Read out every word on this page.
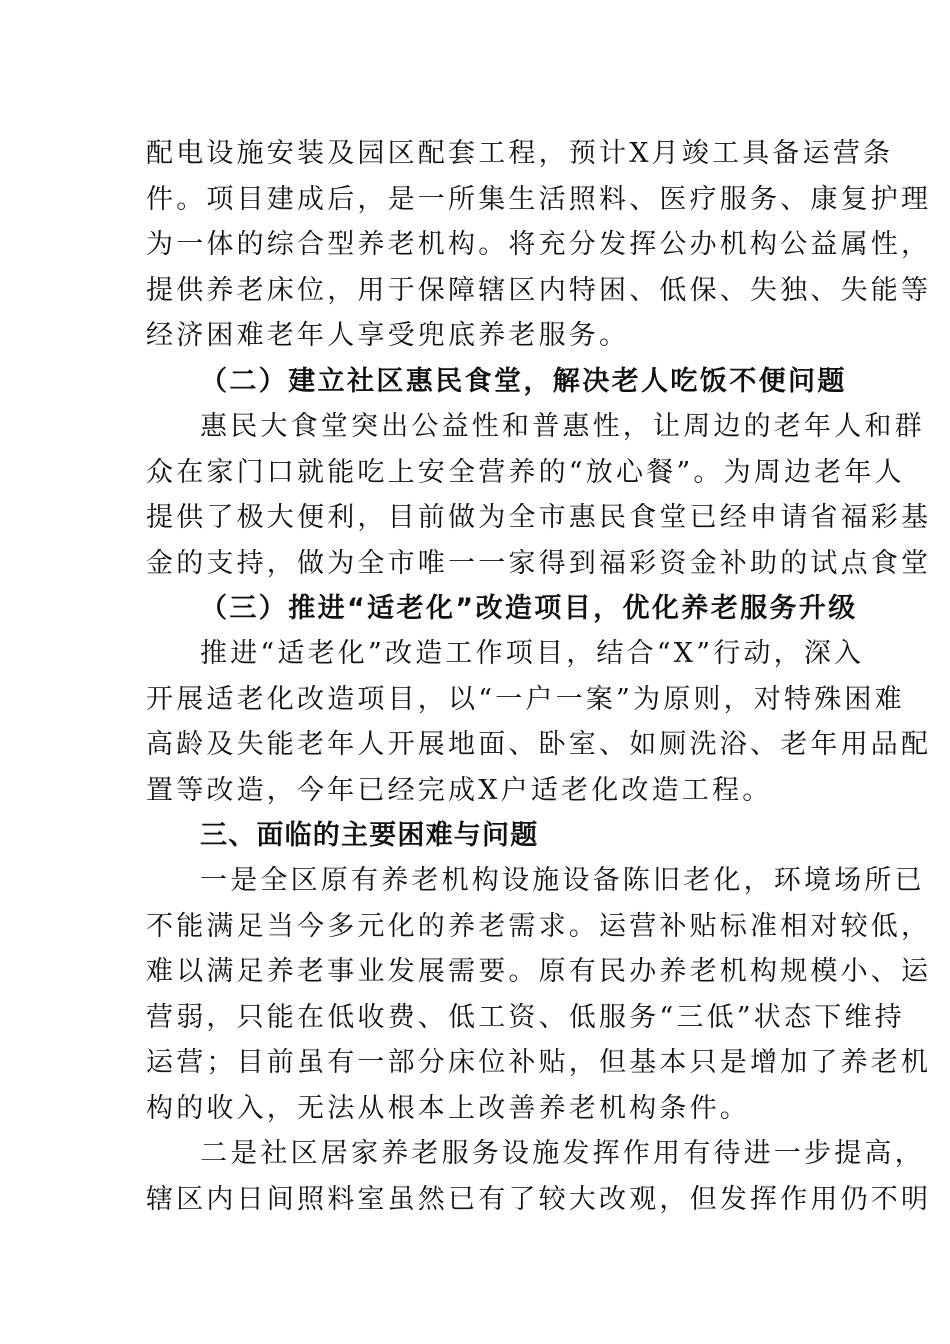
配电设施安装及园区配套工程，预计X月竣工具备运营条
件。项目建成后，是一所集生活照料、医疗服务、康复护理
为一体的综合型养老机构。将充分发挥公办机构公益属性，
提供养老床位，用于保障辖区内特困、低保、失独、失能等
经济困难老年人享受兜底养老服务。
（二）建立社区惠民食堂，解决老人吃饭不便问题
惠民大食堂突出公益性和普惠性，让周边的老年人和群
众在家门口就能吃上安全营养的“放心餐”。为周边老年人
提供了极大便利，目前做为全市惠民食堂已经申请省福彩基
金的支持，做为全市唯一一家得到福彩资金补助的试点食堂
（三）推进“适老化”改造项目，优化养老服务升级
推进“适老化”改造工作项目，结合“X”行动，深入
开展适老化改造项目，以“一户一案”为原则，对特殊困难
高龄及失能老年人开展地面、卧室、如厕洗浴、老年用品配
置等改造，今年已经完成X户适老化改造工程。
三、面临的主要困难与问题
一是全区原有养老机构设施设备陈旧老化，环境场所已
不能满足当今多元化的养老需求。运营补贴标准相对较低，
难以满足养老事业发展需要。原有民办养老机构规模小、运
营弱，只能在低收费、低工资、低服务“三低”状态下维持
运营；目前虽有一部分床位补贴，但基本只是增加了养老机
构的收入，无法从根本上改善养老机构条件。
二是社区居家养老服务设施发挥作用有待进一步提高，
辖区内日间照料室虽然已有了较大改观，但发挥作用仍不明
